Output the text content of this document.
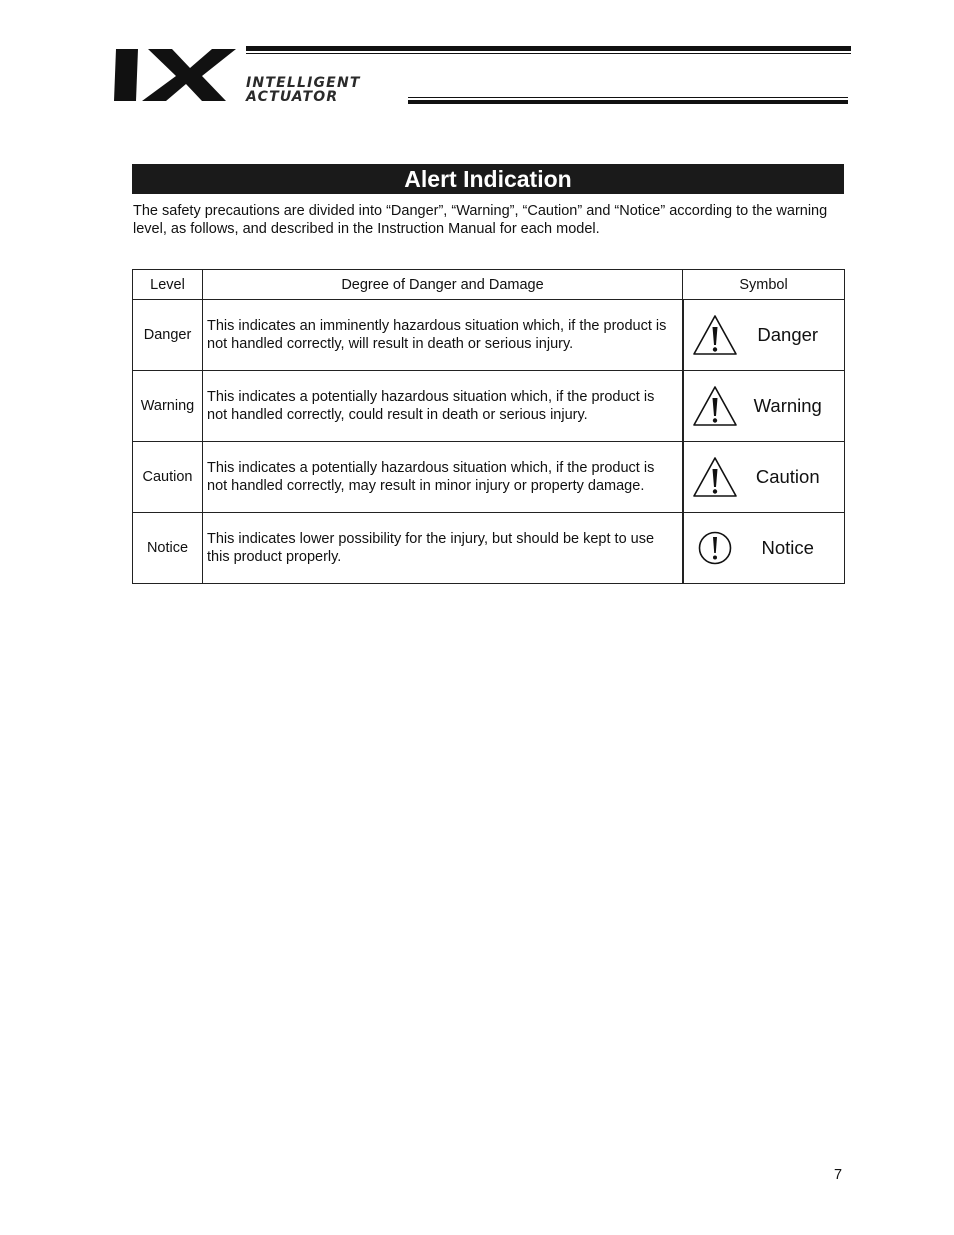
INTELLIGENT
ACTUATOR
Alert Indication
The safety precautions are divided into “Danger”, “Warning”, “Caution” and “Notice” according to the warning level, as follows, and described in the Instruction Manual for each model.
Level	Degree of Danger and Damage	Symbol
Danger	This indicates an imminently hazardous situation which, if the product is not handled correctly, will result in death or serious injury.	Danger

Warning	This indicates a potentially hazardous situation which, if the product is not handled correctly, could result in death or serious injury.	Warning

Caution	This indicates a potentially hazardous situation which, if the product is not handled correctly, may result in minor injury or property damage.	Caution

Notice	This indicates lower possibility for the injury, but should be kept to use this product properly.	Notice
7
